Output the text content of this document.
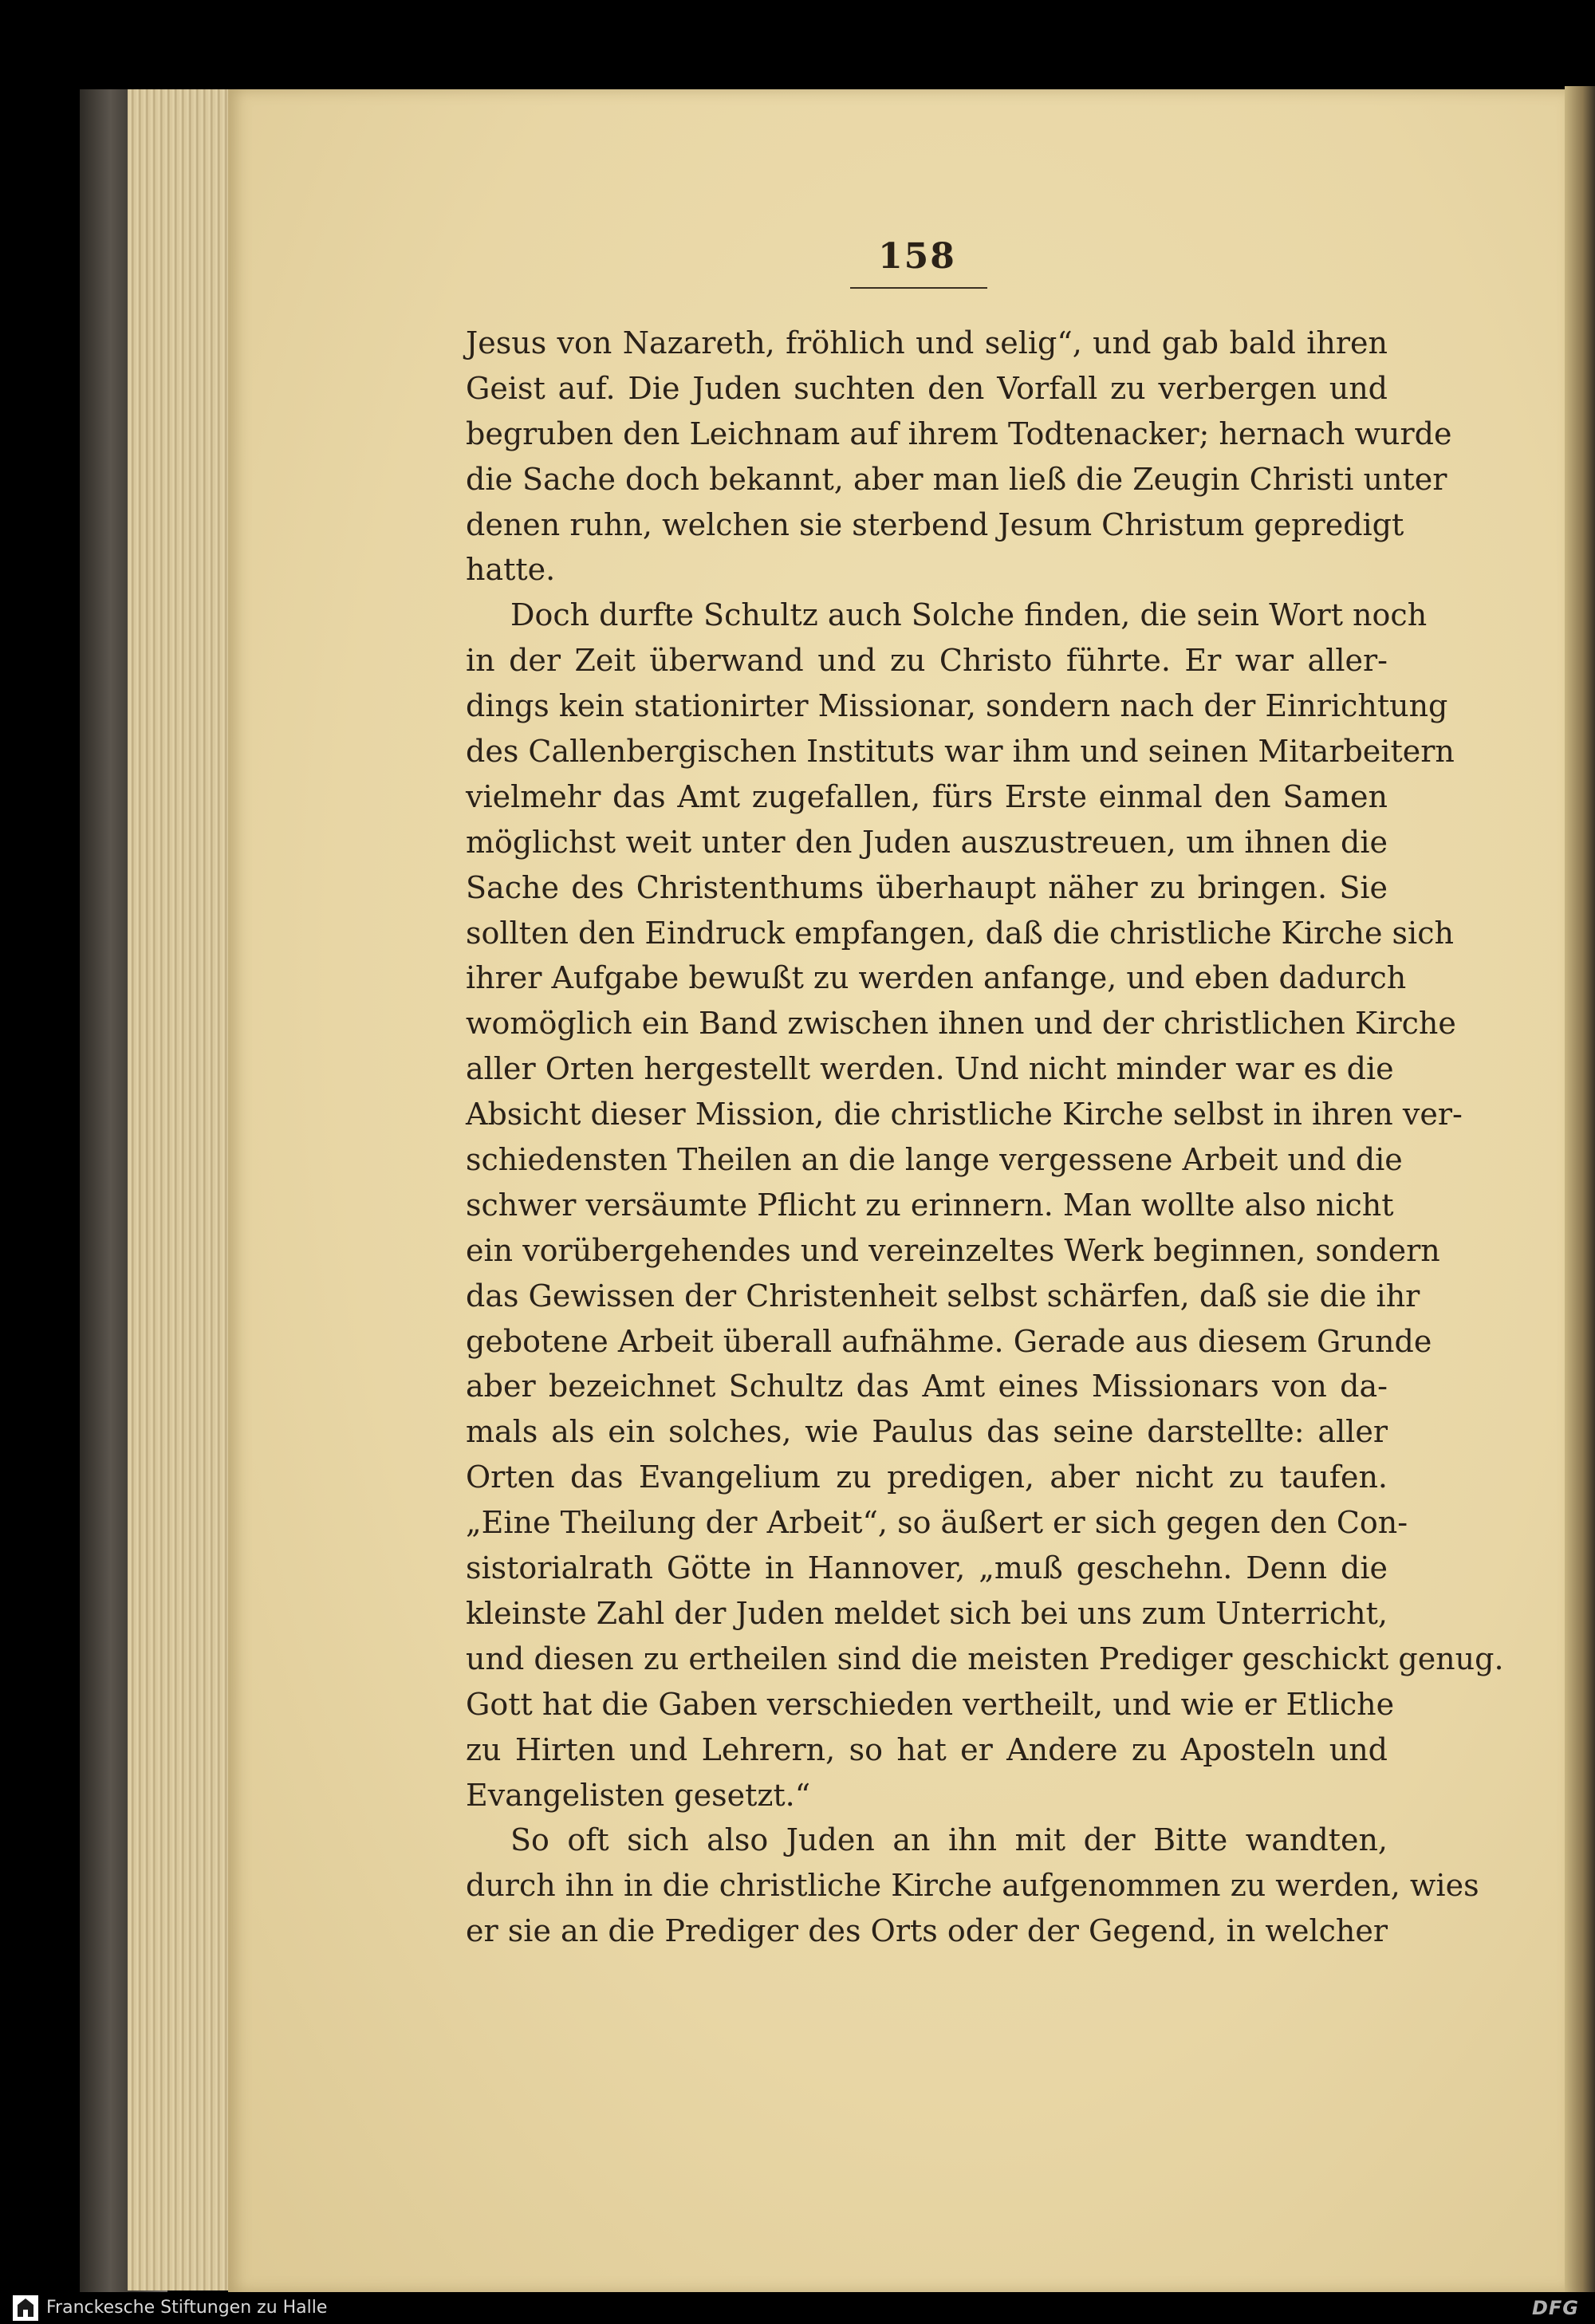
158
Jesus von Nazareth, fröhlich und selig“, und gab bald ihren
Geist auf. Die Juden suchten den Vorfall zu verbergen und
begruben den Leichnam auf ihrem Todtenacker; hernach wurde
die Sache doch bekannt, aber man ließ die Zeugin Christi unter
denen ruhn, welchen sie sterbend Jesum Christum gepredigt
hatte.
Doch durfte Schultz auch Solche finden, die sein Wort noch
in der Zeit überwand und zu Christo führte. Er war aller-
dings kein stationirter Missionar, sondern nach der Einrichtung
des Callenbergischen Instituts war ihm und seinen Mitarbeitern
vielmehr das Amt zugefallen, fürs Erste einmal den Samen
möglichst weit unter den Juden auszustreuen, um ihnen die
Sache des Christenthums überhaupt näher zu bringen. Sie
sollten den Eindruck empfangen, daß die christliche Kirche sich
ihrer Aufgabe bewußt zu werden anfange, und eben dadurch
womöglich ein Band zwischen ihnen und der christlichen Kirche
aller Orten hergestellt werden. Und nicht minder war es die
Absicht dieser Mission, die christliche Kirche selbst in ihren ver-
schiedensten Theilen an die lange vergessene Arbeit und die
schwer versäumte Pflicht zu erinnern. Man wollte also nicht
ein vorübergehendes und vereinzeltes Werk beginnen, sondern
das Gewissen der Christenheit selbst schärfen, daß sie die ihr
gebotene Arbeit überall aufnähme. Gerade aus diesem Grunde
aber bezeichnet Schultz das Amt eines Missionars von da-
mals als ein solches, wie Paulus das seine darstellte: aller
Orten das Evangelium zu predigen, aber nicht zu taufen.
„Eine Theilung der Arbeit“, so äußert er sich gegen den Con-
sistorialrath Götte in Hannover, „muß geschehn. Denn die
kleinste Zahl der Juden meldet sich bei uns zum Unterricht,
und diesen zu ertheilen sind die meisten Prediger geschickt genug.
Gott hat die Gaben verschieden vertheilt, und wie er Etliche
zu Hirten und Lehrern, so hat er Andere zu Aposteln und
Evangelisten gesetzt.“
So oft sich also Juden an ihn mit der Bitte wandten,
durch ihn in die christliche Kirche aufgenommen zu werden, wies
er sie an die Prediger des Orts oder der Gegend, in welcher
Franckesche Stiftungen zu Halle	DFG
